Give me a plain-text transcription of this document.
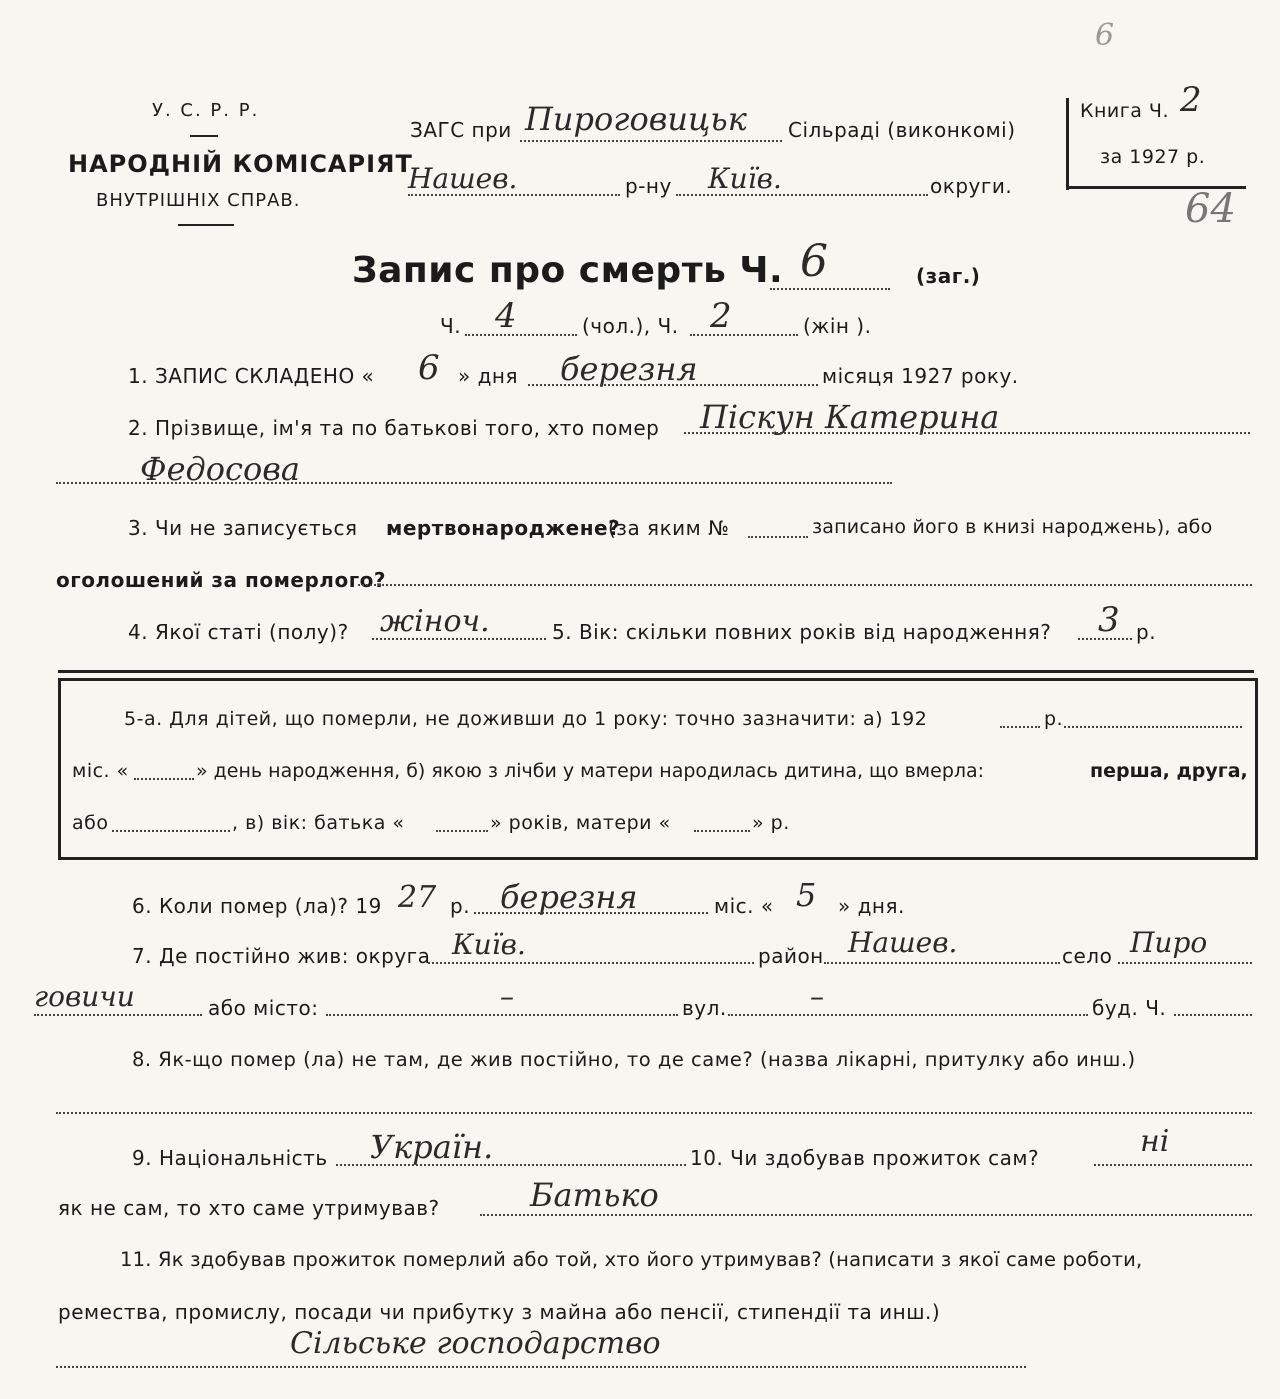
6
У. С. Р. Р.
НАРОДНІЙ КОМІСАРІЯТ
ВНУТРІШНІХ СПРАВ.
ЗАГС при Пироговицьк Сільраді (виконкомі)
Нашев.	р-ну Київ.	округи.
Книга Ч. 2
за 1927 р.
64
Запис про смерть Ч. 6	(заг.)
Ч. 4	(чол.), Ч. 2	(жін ).
1. ЗАПИС СКЛАДЕНО « 6 » дня березня	місяця 1927 року.
2. Прізвище, ім'я та по батькові того, хто помер Піскун Катерина
Федосова
3. Чи не записується мертвонароджене?
(за яким №	записано його в книзі народжень), або
оголошений за померлого?
4. Якої статі (полу)? жіноч.	5. Вік: скільки повних років від народження? 3 р.
5-а. Для дітей, що померли, не доживши до 1 року: точно зазначити: а) 192	р.
міс. «	» день народження, б) якою з лічби у матери народилась дитина, що вмерла:	перша, друга,
або	, в) вік: батька «	» років, матери «	» р.
6. Коли помер (ла)? 19 27 р. березня	міс. « 5 » дня.
7. Де постійно жив: округа Київ.	район Нашев.	село Пиро
говичи	або місто:	–	вул.	–	буд. Ч.
8. Як-що помер (ла) не там, де жив постійно, то де саме? (назва лікарні, притулку або инш.)
9. Національність Україн.	10. Чи здобував прожиток сам?	ні
як не сам, то хто саме утримував?	Батько
11. Як здобував прожиток померлий або той, хто його утримував? (написати з якої саме роботи,
ремества, промислу, посади чи прибутку з майна або пенсії, стипендії та инш.)
Сільське господарство
